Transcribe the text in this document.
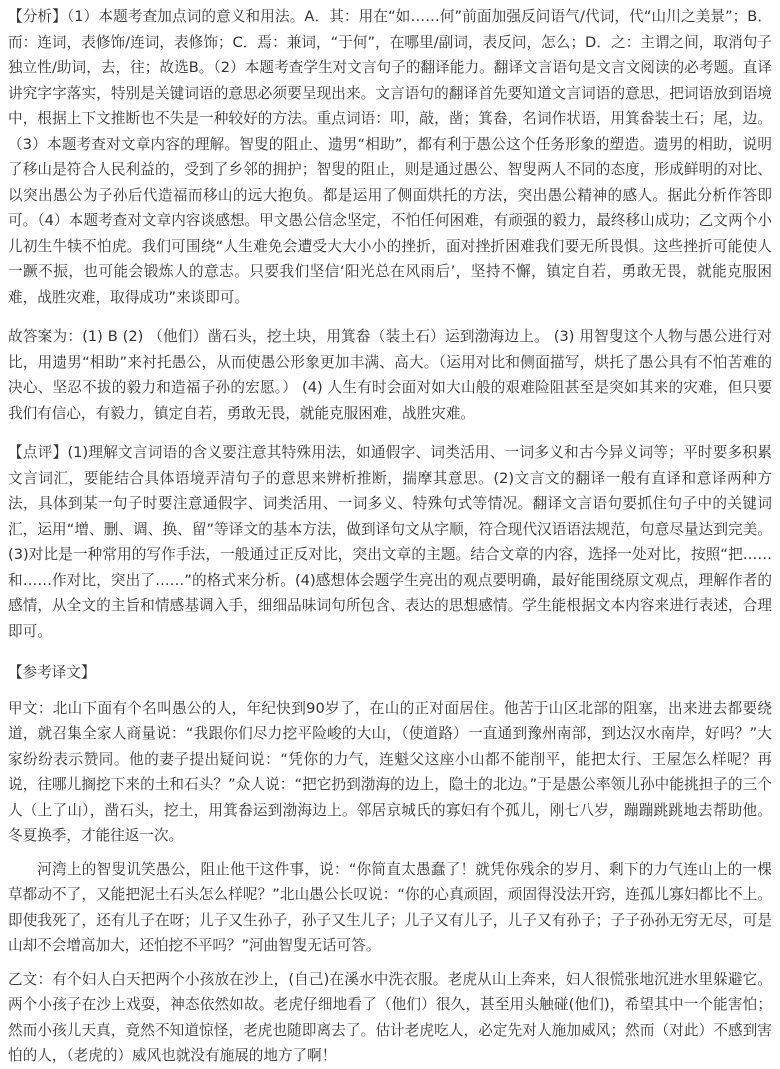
【分析】（1）本题考查加点词的意义和用法。A．其：用在“如……何”前面加强反问语气/代词，代“山川之美景”；B．而：连词，表修饰/连词，表修饰；C．焉：兼词，“于何”，在哪里/副词，表反问，怎么；D．之：主谓之间，取消句子独立性/助词，去，往；故选B。（2）本题考查学生对文言句子的翻译能力。翻译文言语句是文言文阅读的必考题。直译讲究字字落实，特别是关键词语的意思必须要呈现出来。文言语句的翻译首先要知道文言词语的意思，把词语放到语境中，根据上下文推断也不失是一种较好的方法。重点词语：叩，敲，凿；箕畚，名词作状语，用箕畚装土石；尾，边。（3）本题考查对文章内容的理解。智叟的阻止、遗男“相助”，都有利于愚公这个任务形象的塑造。遗男的相助，说明了移山是符合人民利益的，受到了乡邻的拥护；智叟的阻止，则是通过愚公、智叟两人不同的态度，形成鲜明的对比、以突出愚公为子孙后代造福而移山的远大抱负。都是运用了侧面烘托的方法，突出愚公精神的感人。据此分析作答即可。（4）本题考查对文章内容谈感想。甲文愚公信念坚定，不怕任何困难，有顽强的毅力，最终移山成功；乙文两个小儿初生牛犊不怕虎。我们可围绕“人生难免会遭受大大小小的挫折，面对挫折困难我们要无所畏惧。这些挫折可能使人一蹶不振，也可能会锻炼人的意志。只要我们坚信‘阳光总在风雨后’，坚持不懈，镇定自若，勇敢无畏，就能克服困难，战胜灾难，取得成功”来谈即可。

故答案为：(1) B (2) （他们）凿石头，挖土块，用箕畚（装土石）运到渤海边上。 (3) 用智叟这个人物与愚公进行对比，用遗男“相助”来衬托愚公，从而使愚公形象更加丰满、高大。（运用对比和侧面描写，烘托了愚公具有不怕苦难的决心、坚忍不拔的毅力和造福子孙的宏愿。） (4) 人生有时会面对如大山般的艰难险阻甚至是突如其来的灾难，但只要我们有信心，有毅力，镇定自若，勇敢无畏，就能克服困难，战胜灾难。

【点评】(1)理解文言词语的含义要注意其特殊用法，如通假字、词类活用、一词多义和古今异义词等；平时要多积累文言词汇，要能结合具体语境弄清句子的意思来辨析推断，揣摩其意思。(2)文言文的翻译一般有直译和意译两种方法，具体到某一句子时要注意通假字、词类活用、一词多义、特殊句式等情况。翻译文言语句要抓住句子中的关键词汇，运用“增、删、调、换、留”等译文的基本方法，做到译句文从字顺，符合现代汉语语法规范，句意尽量达到完美。(3)对比是一种常用的写作手法，一般通过正反对比，突出文章的主题。结合文章的内容，选择一处对比，按照“把……和……作对比，突出了……”的格式来分析。(4)感想体会题学生亮出的观点要明确，最好能围绕原文观点，理解作者的感情，从全文的主旨和情感基调入手，细细品味词句所包含、表达的思想感情。学生能根据文本内容来进行表述，合理即可。

【参考译文】

甲文：北山下面有个名叫愚公的人，年纪快到90岁了，在山的正对面居住。他苦于山区北部的阻塞，出来进去都要绕道，就召集全家人商量说：“我跟你们尽力挖平险峻的大山，（使道路）一直通到豫州南部，到达汉水南岸，好吗？”大家纷纷表示赞同。他的妻子提出疑问说：“凭你的力气，连魁父这座小山都不能削平，能把太行、王屋怎么样呢？再说，往哪儿搁挖下来的土和石头？”众人说：“把它扔到渤海的边上，隐土的北边。”于是愚公率领儿孙中能挑担子的三个人（上了山），凿石头，挖土，用箕畚运到渤海边上。邻居京城氏的寡妇有个孤儿，刚七八岁，蹦蹦跳跳地去帮助他。冬夏换季，才能往返一次。

河湾上的智叟讥笑愚公，阻止他干这件事，说：“你简直太愚蠢了！就凭你残余的岁月、剩下的力气连山上的一棵草都动不了，又能把泥土石头怎么样呢？”北山愚公长叹说：“你的心真顽固，顽固得没法开窍，连孤儿寡妇都比不上。即使我死了，还有儿子在呀；儿子又生孙子，孙子又生儿子；儿子又有儿子，儿子又有孙子；子子孙孙无穷无尽，可是山却不会增高加大，还怕挖不平吗？”河曲智叟无话可答。

乙文：有个妇人白天把两个小孩放在沙上，(自己)在溪水中洗衣服。老虎从山上奔来，妇人很慌张地沉进水里躲避它。两个小孩子在沙上戏耍，神态依然如故。老虎仔细地看了（他们）很久，甚至用头触碰(他们)，希望其中一个能害怕；然而小孩儿天真，竟然不知道惊怪，老虎也随即离去了。估计老虎吃人，必定先对人施加威风；然而（对此）不感到害怕的人，（老虎的）威风也就没有施展的地方了啊！
